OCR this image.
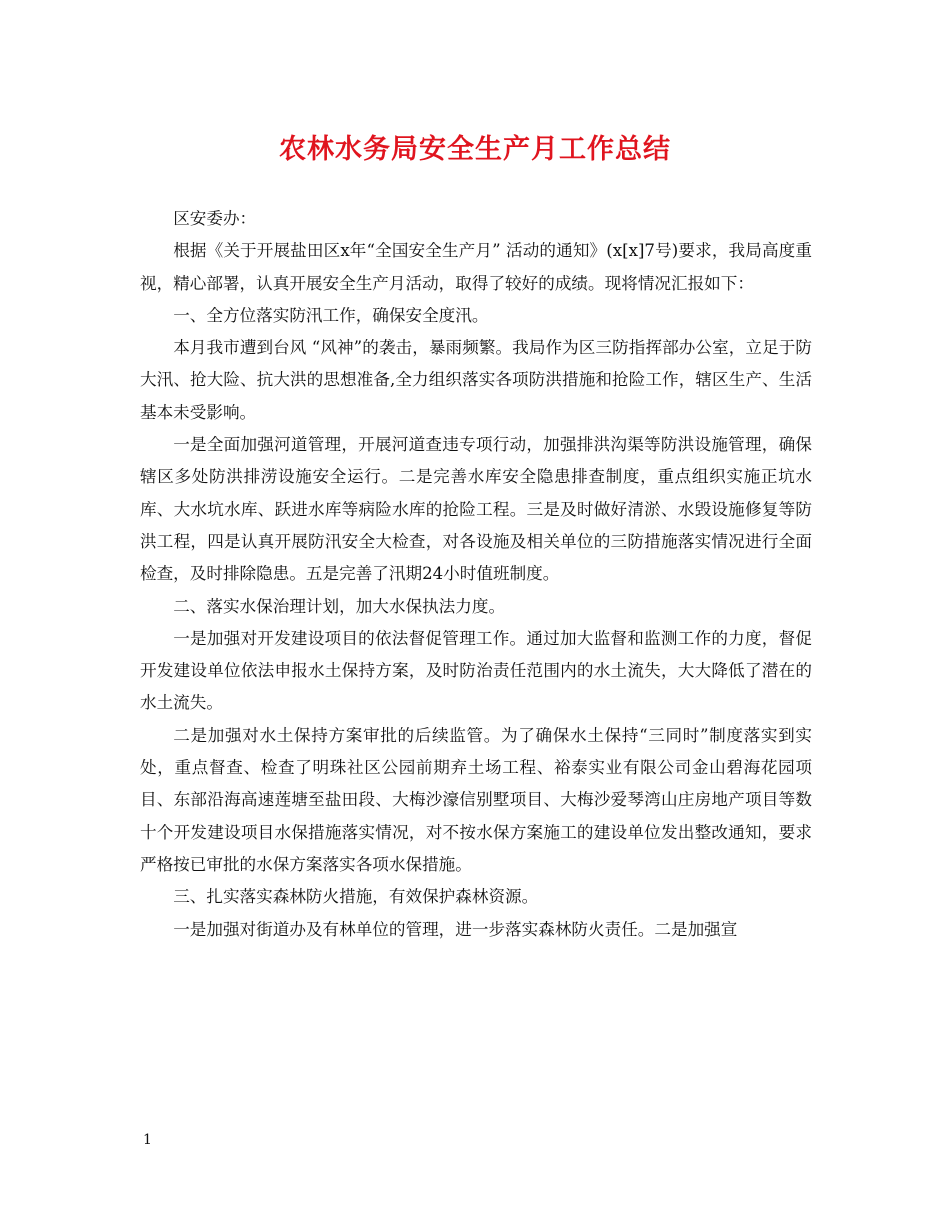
农林水务局安全生产月工作总结

区安委办：

根据《关于开展盐田区x年“全国安全生产月” 活动的通知》(x[x]7号)要求，我局高度重视，精心部署，认真开展安全生产月活动，取得了较好的成绩。现将情况汇报如下：

一、全方位落实防汛工作，确保安全度汛。

本月我市遭到台风 “风神”的袭击，暴雨频繁。我局作为区三防指挥部办公室，立足于防大汛、抢大险、抗大洪的思想准备,全力组织落实各项防洪措施和抢险工作，辖区生产、生活基本未受影响。

一是全面加强河道管理，开展河道查违专项行动，加强排洪沟渠等防洪设施管理，确保辖区多处防洪排涝设施安全运行。二是完善水库安全隐患排查制度，重点组织实施正坑水库、大水坑水库、跃进水库等病险水库的抢险工程。三是及时做好清淤、水毁设施修复等防洪工程，四是认真开展防汛安全大检查，对各设施及相关单位的三防措施落实情况进行全面检查，及时排除隐患。五是完善了汛期24小时值班制度。

二、落实水保治理计划，加大水保执法力度。

一是加强对开发建设项目的依法督促管理工作。通过加大监督和监测工作的力度，督促开发建设单位依法申报水土保持方案，及时防治责任范围内的水土流失，大大降低了潜在的水土流失。

二是加强对水土保持方案审批的后续监管。为了确保水土保持“三同时”制度落实到实处，重点督查、检查了明珠社区公园前期弃土场工程、裕泰实业有限公司金山碧海花园项目、东部沿海高速莲塘至盐田段、大梅沙濠信别墅项目、大梅沙爱琴湾山庄房地产项目等数十个开发建设项目水保措施落实情况，对不按水保方案施工的建设单位发出整改通知，要求严格按已审批的水保方案落实各项水保措施。

三、扎实落实森林防火措施，有效保护森林资源。

一是加强对街道办及有林单位的管理，进一步落实森林防火责任。二是加强宣

1
